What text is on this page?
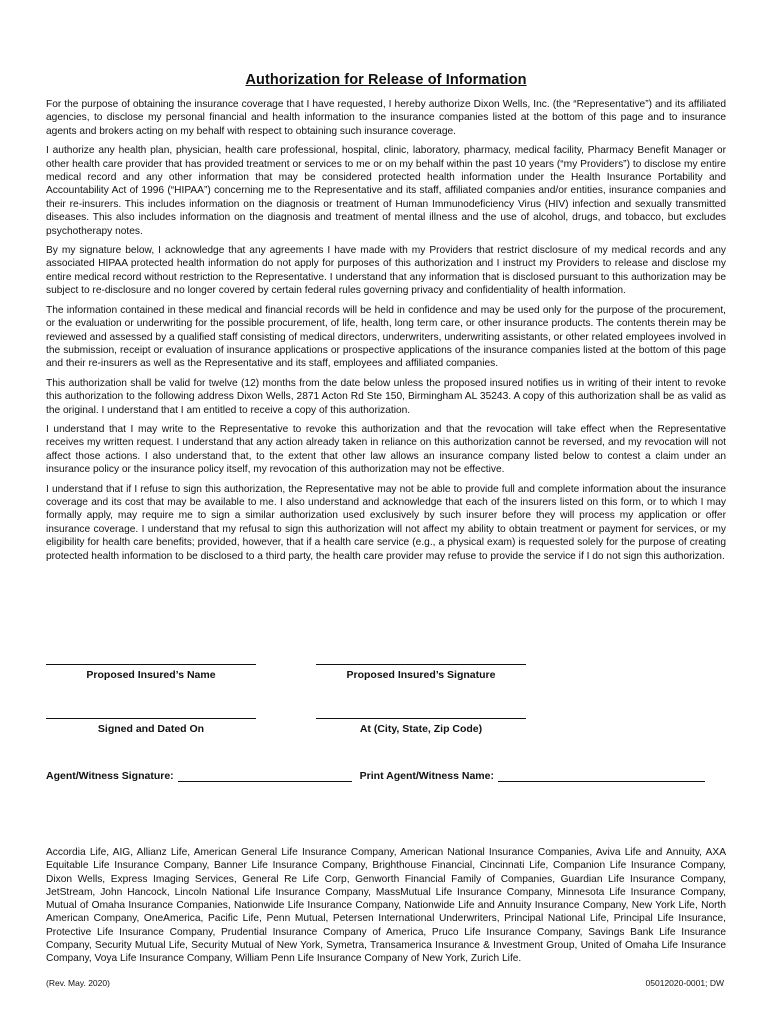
Authorization for Release of Information

For the purpose of obtaining the insurance coverage that I have requested, I hereby authorize Dixon Wells, Inc. (the “Representative”) and its affiliated agencies, to disclose my personal financial and health information to the insurance companies listed at the bottom of this page and to insurance agents and brokers acting on my behalf with respect to obtaining such insurance coverage.

I authorize any health plan, physician, health care professional, hospital, clinic, laboratory, pharmacy, medical facility, Pharmacy Benefit Manager or other health care provider that has provided treatment or services to me or on my behalf within the past 10 years (“my Providers”) to disclose my entire medical record and any other information that may be considered protected health information under the Health Insurance Portability and Accountability Act of 1996 (“HIPAA”) concerning me to the Representative and its staff, affiliated companies and/or entities, insurance companies and their re-insurers. This includes information on the diagnosis or treatment of Human Immunodeficiency Virus (HIV) infection and sexually transmitted diseases. This also includes information on the diagnosis and treatment of mental illness and the use of alcohol, drugs, and tobacco, but excludes psychotherapy notes.

By my signature below, I acknowledge that any agreements I have made with my Providers that restrict disclosure of my medical records and any associated HIPAA protected health information do not apply for purposes of this authorization and I instruct my Providers to release and disclose my entire medical record without restriction to the Representative. I understand that any information that is disclosed pursuant to this authorization may be subject to re-disclosure and no longer covered by certain federal rules governing privacy and confidentiality of health information.

The information contained in these medical and financial records will be held in confidence and may be used only for the purpose of the procurement, or the evaluation or underwriting for the possible procurement, of life, health, long term care, or other insurance products. The contents therein may be reviewed and assessed by a qualified staff consisting of medical directors, underwriters, underwriting assistants, or other related employees involved in the submission, receipt or evaluation of insurance applications or prospective applications of the insurance companies listed at the bottom of this page and their re-insurers as well as the Representative and its staff, employees and affiliated companies.

This authorization shall be valid for twelve (12) months from the date below unless the proposed insured notifies us in writing of their intent to revoke this authorization to the following address Dixon Wells, 2871 Acton Rd Ste 150, Birmingham AL 35243. A copy of this authorization shall be as valid as the original. I understand that I am entitled to receive a copy of this authorization.

I understand that I may write to the Representative to revoke this authorization and that the revocation will take effect when the Representative receives my written request. I understand that any action already taken in reliance on this authorization cannot be reversed, and my revocation will not affect those actions. I also understand that, to the extent that other law allows an insurance company listed below to contest a claim under an insurance policy or the insurance policy itself, my revocation of this authorization may not be effective.

I understand that if I refuse to sign this authorization, the Representative may not be able to provide full and complete information about the insurance coverage and its cost that may be available to me. I also understand and acknowledge that each of the insurers listed on this form, or to which I may formally apply, may require me to sign a similar authorization used exclusively by such insurer before they will process my application or offer insurance coverage. I understand that my refusal to sign this authorization will not affect my ability to obtain treatment or payment for services, or my eligibility for health care benefits; provided, however, that if a health care service (e.g., a physical exam) is requested solely for the purpose of creating protected health information to be disclosed to a third party, the health care provider may refuse to provide the service if I do not sign this authorization.

Proposed Insured’s Name	Proposed Insured’s Signature
Signed and Dated On	At (City, State, Zip Code)
Agent/Witness Signature:	Print Agent/Witness Name:
Accordia Life, AIG, Allianz Life, American General Life Insurance Company, American National Insurance Companies, Aviva Life and Annuity, AXA Equitable Life Insurance Company, Banner Life Insurance Company, Brighthouse Financial, Cincinnati Life, Companion Life Insurance Company, Dixon Wells, Express Imaging Services, General Re Life Corp, Genworth Financial Family of Companies, Guardian Life Insurance Company, JetStream, John Hancock, Lincoln National Life Insurance Company, MassMutual Life Insurance Company, Minnesota Life Insurance Company, Mutual of Omaha Insurance Companies, Nationwide Life Insurance Company, Nationwide Life and Annuity Insurance Company, New York Life, North American Company, OneAmerica, Pacific Life, Penn Mutual, Petersen International Underwriters, Principal National Life, Principal Life Insurance, Protective Life Insurance Company, Prudential Insurance Company of America, Pruco Life Insurance Company, Savings Bank Life Insurance Company, Security Mutual Life, Security Mutual of New York, Symetra, Transamerica Insurance & Investment Group, United of Omaha Life Insurance Company, Voya Life Insurance Company, William Penn Life Insurance Company of New York, Zurich Life.
(Rev. May. 2020)	05012020-0001; DW
